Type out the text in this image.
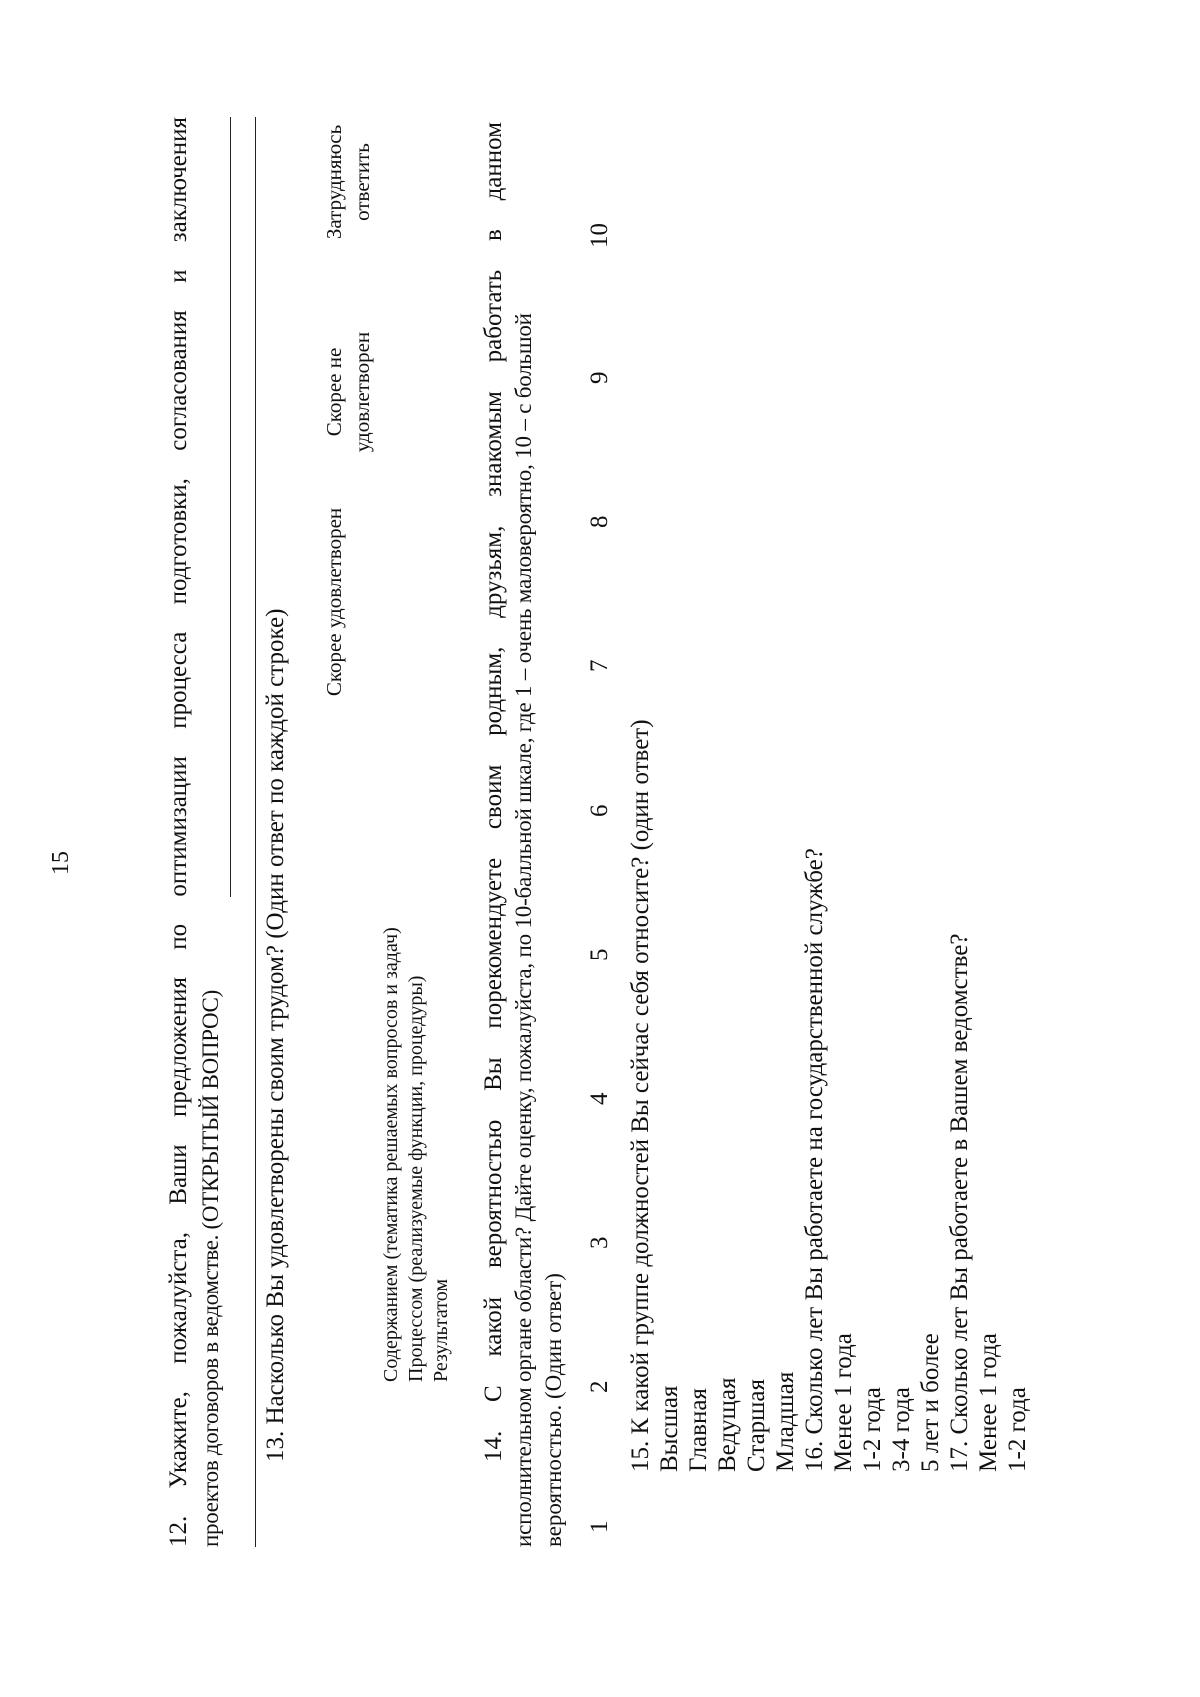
15	12. Укажите, пожалуйста, Ваши предложения по оптимизации процесса подготовки, согласования и заключения проектов договоров в ведомстве. (ОТКРЫТЫЙ ВОПРОС) 13. Насколько Вы удовлетворены своим трудом? (Один ответ по каждой строке)
Скорее удовлетворен
Скорее не удовлетворен
Затрудняюсь ответить
Содержанием (тематика решаемых вопросов и задач) Процессом (реализуемые функции, процедуры) Результатом 14. С какой вероятностью Вы порекомендуете своим родным, друзьям, знакомым работать в данном исполнительном органе области? Дайте оценку, пожалуйста, по 10-балльной шкале, где 1 – очень маловероятно, 10 – с большой вероятностью. (Один ответ) 1
2
3
4
5
6
7
8
9
10
15. К какой группе должностей Вы сейчас себя относите? (один ответ) Высшая Главная Ведущая Старшая Младшая 16. Сколько лет Вы работаете на государственной службе? Менее 1 года 1-2 года 3-4 года 5 лет и более 17. Сколько лет Вы работаете в Вашем ведомстве? Менее 1 года 1-2 года
